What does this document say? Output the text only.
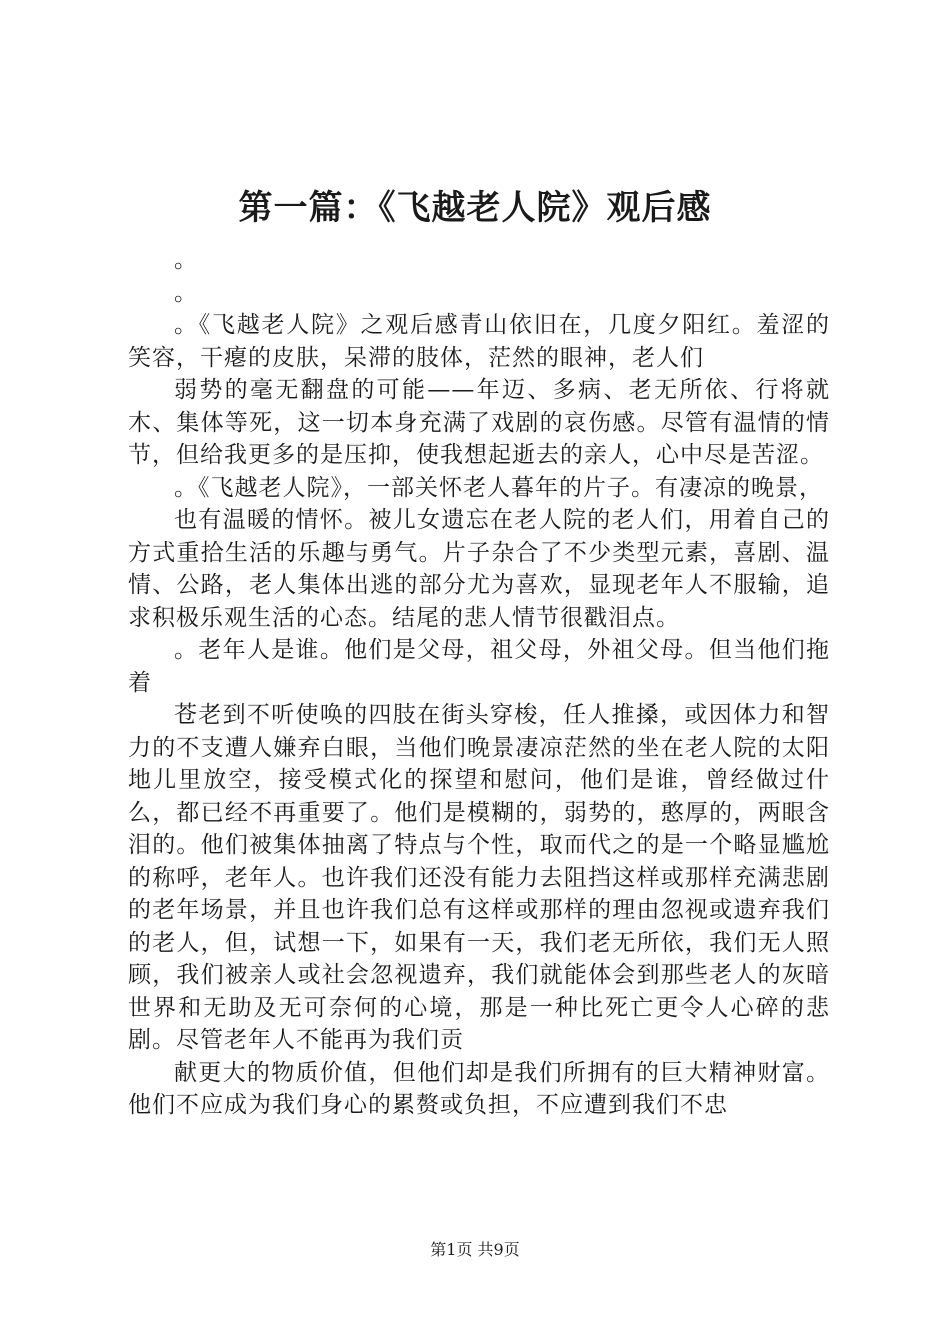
第一篇：《飞越老人院》观后感

。

。

。《飞越老人院》之观后感青山依旧在，几度夕阳红。羞涩的笑容，干瘪的皮肤，呆滞的肢体，茫然的眼神，老人们

弱势的毫无翻盘的可能——年迈、多病、老无所依、行将就木、集体等死，这一切本身充满了戏剧的哀伤感。尽管有温情的情节，但给我更多的是压抑，使我想起逝去的亲人，心中尽是苦涩。

。《飞越老人院》，一部关怀老人暮年的片子。有凄凉的晚景，

也有温暖的情怀。被儿女遗忘在老人院的老人们，用着自己的方式重拾生活的乐趣与勇气。片子杂合了不少类型元素，喜剧、温情、公路，老人集体出逃的部分尤为喜欢，显现老年人不服输，追求积极乐观生活的心态。结尾的悲人情节很戳泪点。

。老年人是谁。他们是父母，祖父母，外祖父母。但当他们拖着

苍老到不听使唤的四肢在街头穿梭，任人推搡，或因体力和智力的不支遭人嫌弃白眼，当他们晚景凄凉茫然的坐在老人院的太阳地儿里放空，接受模式化的探望和慰问，他们是谁，曾经做过什么，都已经不再重要了。他们是模糊的，弱势的，憨厚的，两眼含泪的。他们被集体抽离了特点与个性，取而代之的是一个略显尴尬的称呼，老年人。也许我们还没有能力去阻挡这样或那样充满悲剧的老年场景，并且也许我们总有这样或那样的理由忽视或遗弃我们的老人，但，试想一下，如果有一天，我们老无所依，我们无人照顾，我们被亲人或社会忽视遗弃，我们就能体会到那些老人的灰暗世界和无助及无可奈何的心境，那是一种比死亡更令人心碎的悲剧。尽管老年人不能再为我们贡

献更大的物质价值，但他们却是我们所拥有的巨大精神财富。他们不应成为我们身心的累赘或负担，不应遭到我们不忠

第1页 共9页
